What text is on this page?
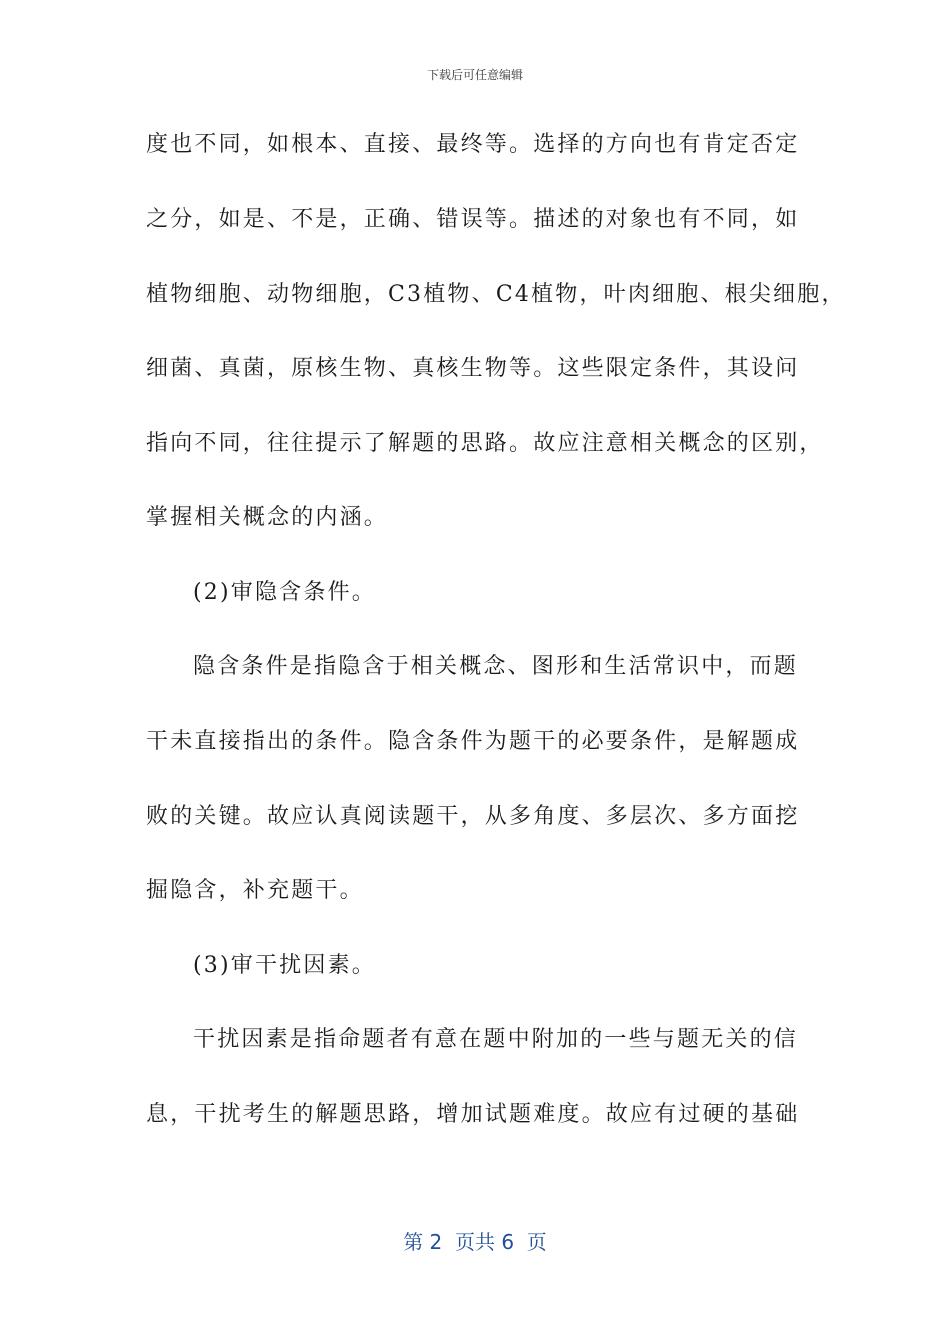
下载后可任意编辑
度也不同，如根本、直接、最终等。选择的方向也有肯定否定
之分，如是、不是，正确、错误等。描述的对象也有不同，如
植物细胞、动物细胞，C3植物、C4植物，叶肉细胞、根尖细胞，
细菌、真菌，原核生物、真核生物等。这些限定条件，其设问
指向不同，往往提示了解题的思路。故应注意相关概念的区别，
掌握相关概念的内涵。
(2)审隐含条件。
隐含条件是指隐含于相关概念、图形和生活常识中，而题
干未直接指出的条件。隐含条件为题干的必要条件，是解题成
败的关键。故应认真阅读题干，从多角度、多层次、多方面挖
掘隐含，补充题干。
(3)审干扰因素。
干扰因素是指命题者有意在题中附加的一些与题无关的信
息，干扰考生的解题思路，增加试题难度。故应有过硬的基础
第 2  页共 6  页
